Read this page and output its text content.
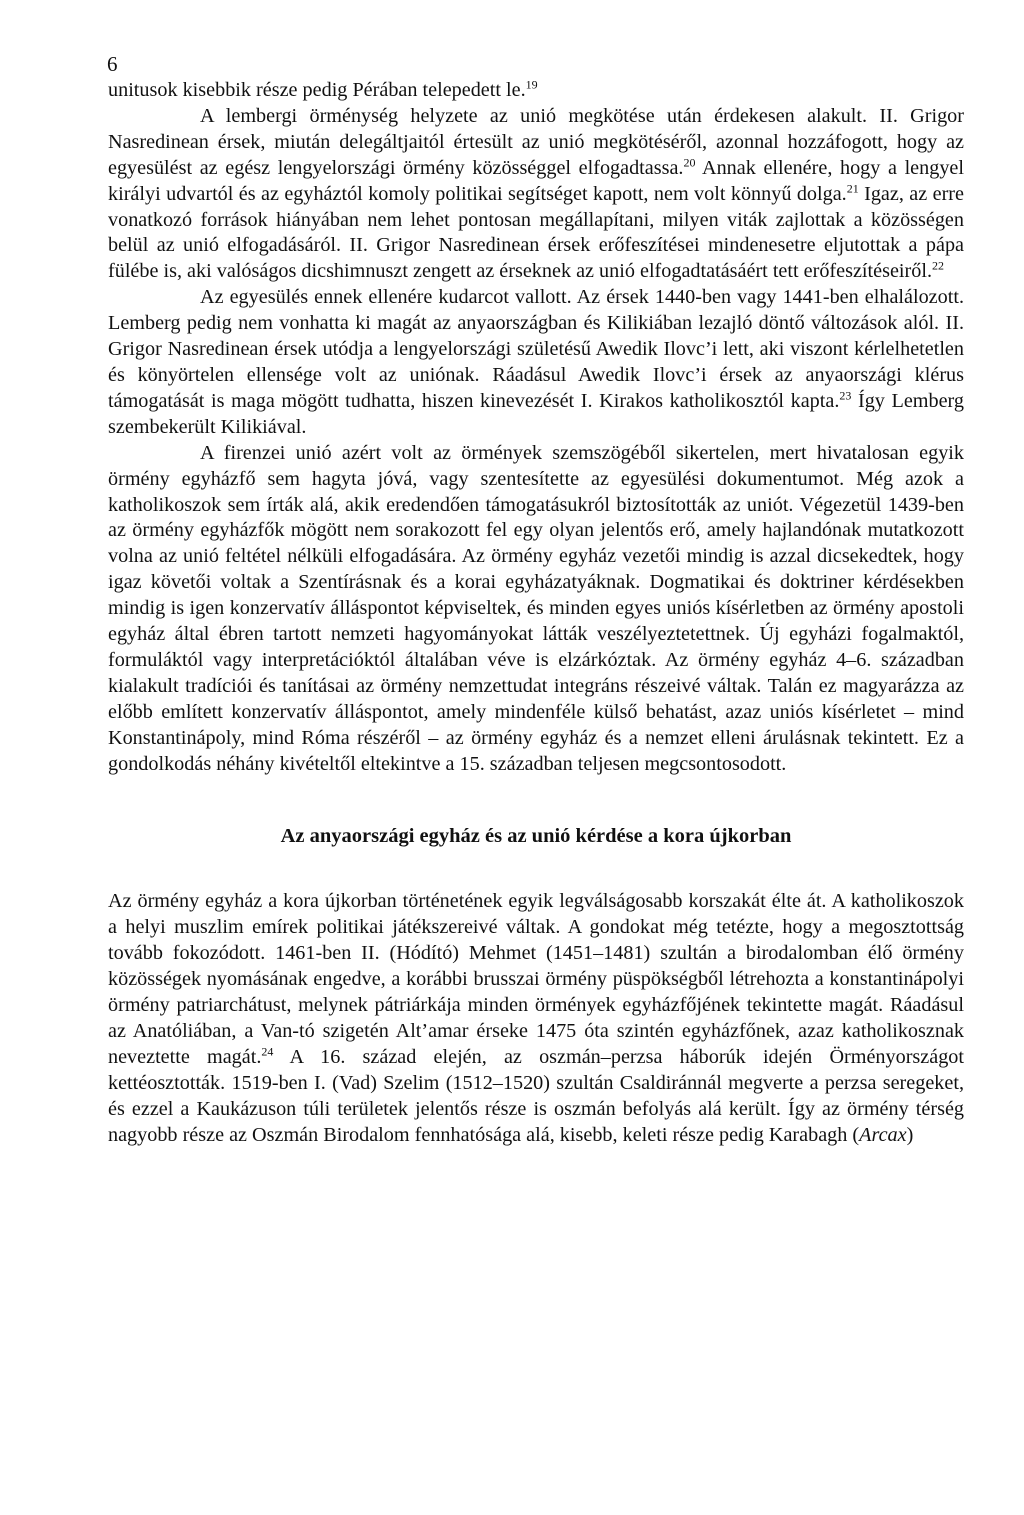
6

unitusok kisebbik része pedig Pérában telepedett le.$^{19}$

A lembergi örménység helyzete az unió megkötése után érdekesen alakult. II. Grigor Nasredinean érsek, miután delegáltjaitól értesült az unió megkötéséről, azonnal hozzáfogott, hogy az egyesülést az egész lengyelországi örmény közösséggel elfogadtassa.$^{20}$ Annak ellenére, hogy a lengyel királyi udvartól és az egyháztól komoly politikai segítséget kapott, nem volt könnyű dolga.$^{21}$ Igaz, az erre vonatkozó források hiányában nem lehet pontosan megállapítani, milyen viták zajlottak a közösségen belül az unió elfogadásáról. II. Grigor Nasredinean érsek erőfeszítései mindenesetre eljutottak a pápa fülébe is, aki valóságos dicshimnuszt zengett az érseknek az unió elfogadtatásáért tett erőfeszítéseiről.$^{22}$

Az egyesülés ennek ellenére kudarcot vallott. Az érsek 1440-ben vagy 1441-ben elhalálozott. Lemberg pedig nem vonhatta ki magát az anyaországban és Kilikiában lezajló döntő változások alól. II. Grigor Nasredinean érsek utódja a lengyelországi születésű Awedik Ilovc’i lett, aki viszont kérlelhetetlen és könyörtelen ellensége volt az uniónak. Ráadásul Awedik Ilovc’i érsek az anyaországi klérus támogatását is maga mögött tudhatta, hiszen kinevezését I. Kirakos katholikosztól kapta.$^{23}$ Így Lemberg szembekerült Kilikiával.

A firenzei unió azért volt az örmények szemszögéből sikertelen, mert hivatalosan egyik örmény egyházfő sem hagyta jóvá, vagy szentesítette az egyesülési dokumentumot. Még azok a katholikoszok sem írták alá, akik eredendően támogatásukról biztosították az uniót. Végezetül 1439-ben az örmény egyházfők mögött nem sorakozott fel egy olyan jelentős erő, amely hajlandónak mutatkozott volna az unió feltétel nélküli elfogadására. Az örmény egyház vezetői mindig is azzal dicsekedtek, hogy igaz követői voltak a Szentírásnak és a korai egyházatyáknak. Dogmatikai és doktriner kérdésekben mindig is igen konzervatív álláspontot képviseltek, és minden egyes uniós kísérletben az örmény apostoli egyház által ébren tartott nemzeti hagyományokat látták veszélyeztetettnek. Új egyházi fogalmaktól, formuláktól vagy interpretációktól általában véve is elzárkóztak. Az örmény egyház 4–6. században kialakult tradíciói és tanításai az örmény nemzettudat integráns részeivé váltak. Talán ez magyarázza az előbb említett konzervatív álláspontot, amely mindenféle külső behatást, azaz uniós kísérletet – mind Konstantinápoly, mind Róma részéről – az örmény egyház és a nemzet elleni árulásnak tekintett. Ez a gondolkodás néhány kivételtől eltekintve a 15. században teljesen megcsontosodott.

Az anyaországi egyház és az unió kérdése a kora újkorban

Az örmény egyház a kora újkorban történetének egyik legválságosabb korszakát élte át. A katholikoszok a helyi muszlim emírek politikai játékszereivé váltak. A gondokat még tetézte, hogy a megosztottság tovább fokozódott. 1461-ben II. (Hódító) Mehmet (1451–1481) szultán a birodalomban élő örmény közösségek nyomásának engedve, a korábbi brusszai örmény püspökségből létrehozta a konstantinápolyi örmény patriarchátust, melynek pátriárkája minden örmények egyházfőjének tekintette magát. Ráadásul az Anatóliában, a Van-tó szigetén Alt’amar érseke 1475 óta szintén egyházfőnek, azaz katholikosznak neveztette magát.$^{24}$ A 16. század elején, az oszmán–perzsa háborúk idején Örményországot kettéosztották. 1519-ben I. (Vad) Szelim (1512–1520) szultán Csaldiránnál megverte a perzsa seregeket, és ezzel a Kaukázuson túli területek jelentős része is oszmán befolyás alá került. Így az örmény térség nagyobb része az Oszmán Birodalom fennhatósága alá, kisebb, keleti része pedig Karabagh (Arcax)
